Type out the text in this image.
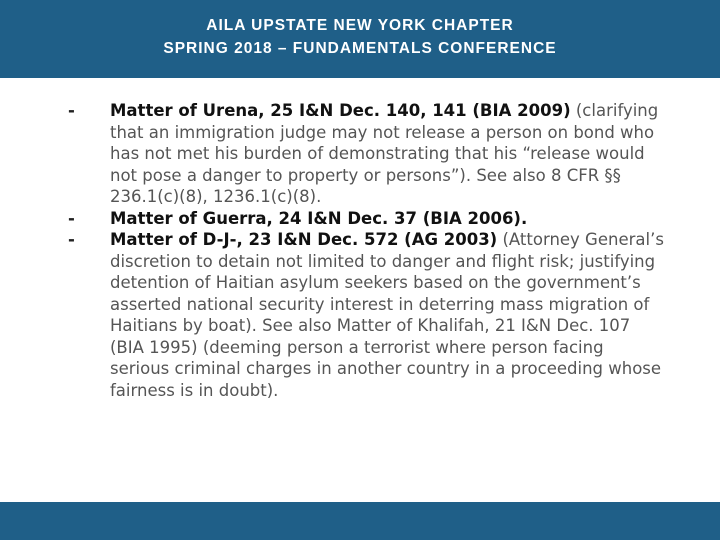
AILA UPSTATE NEW YORK CHAPTER
SPRING 2018 – FUNDAMENTALS CONFERENCE
-	Matter of Urena, 25 I&N Dec. 140, 141 (BIA 2009) (clarifying that an immigration judge may not release a person on bond who has not met his burden of demonstrating that his “release would not pose a danger to property or persons”). See also 8 CFR §§ 236.1(c)(8), 1236.1(c)(8).
-	Matter of Guerra, 24 I&N Dec. 37 (BIA 2006).
-	Matter of D-J-, 23 I&N Dec. 572 (AG 2003) (Attorney General’s discretion to detain not limited to danger and flight risk; justifying detention of Haitian asylum seekers based on the government’s asserted national security interest in deterring mass migration of Haitians by boat). See also Matter of Khalifah, 21 I&N Dec. 107 (BIA 1995) (deeming person a terrorist where person facing serious criminal charges in another country in a proceeding whose fairness is in doubt).
